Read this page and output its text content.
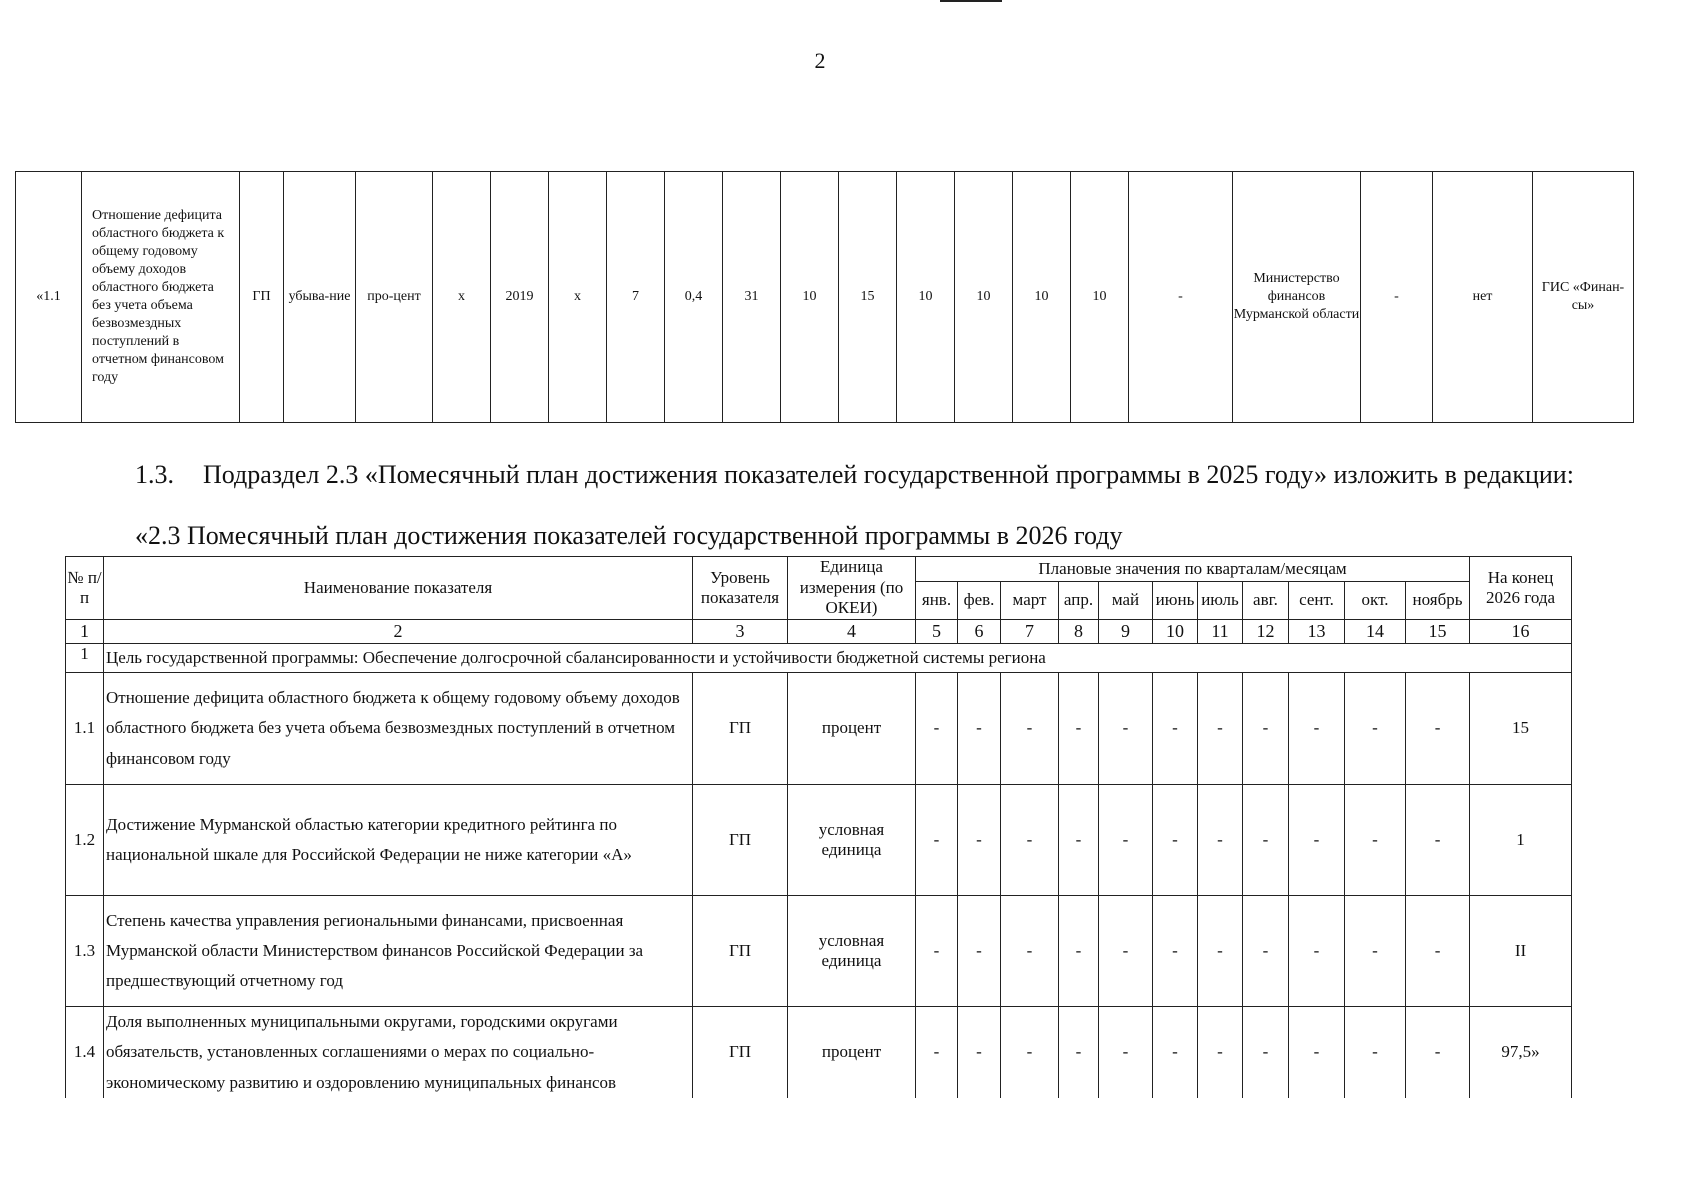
2
«1.1	Отношение дефицита областного бюджета к общему годовому объему доходов областного бюджета без учета объема безвозмездных поступлений в отчетном финансовом году	ГП	убыва-ние	про-цент	х	2019	х	7	0,4	31	10	15	10	10	10	10	-	Министерство финансов Мурманской области	-	нет	ГИС «Финан-сы»
1.3. Подраздел 2.3 «Помесячный план достижения показателей государственной программы в 2025 году» изложить в редакции:
«2.3 Помесячный план достижения показателей государственной программы в 2026 году
№ п/п	Наименование показателя	Уровень показателя	Единица измерения (по ОКЕИ)	Плановые значения по кварталам/месяцам											На конец 2026 года	
				янв.	фев.	март	апр.	май	июнь	июль	авг.	сент.	окт.	ноябрь		
1	2	3	4	5	6	7	8	9	10	11	12	13	14	15	16	
1	Цель государственной программы: Обеспечение долгосрочной сбалансированности и устойчивости бюджетной системы региона															
1.1	Отношение дефицита областного бюджета к общему годовому объему доходов областного бюджета без учета объема безвозмездных поступлений в отчетном финансовом году	ГП	процент	-	-	-	-	-	-	-	-	-	-	-	15	
1.2	Достижение Мурманской областью категории кредитного рейтинга по национальной шкале для Российской Федерации не ниже категории «А»	ГП	условная единица	-	-	-	-	-	-	-	-	-	-	-	1	
1.3	Степень качества управления региональными финансами, присвоенная Мурманской области Министерством финансов Российской Федерации за предшествующий отчетному год	ГП	условная единица	-	-	-	-	-	-	-	-	-	-	-	II	
1.4	Доля выполненных муниципальными округами, городскими округами обязательств, установленных соглашениями о мерах по социально-экономическому развитию и оздоровлению муниципальных финансов	ГП	процент	-	-	-	-	-	-	-	-	-	-	-	97,5»	
